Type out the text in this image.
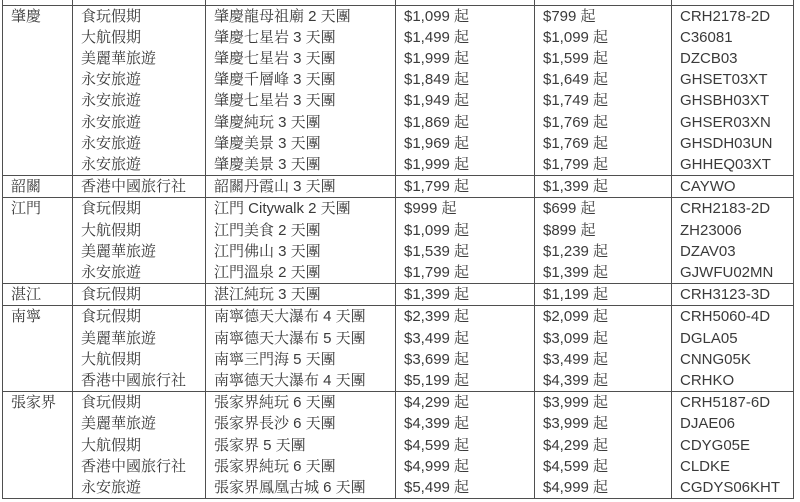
肇慶	食玩假期	肇慶龍母祖廟 2 天團	$1,099 起	$799 起	CRH2178-2D
	大航假期	肇慶七星岩 3 天團	$1,499 起	$1,099 起	C36081
	美麗華旅遊	肇慶七星岩 3 天團	$1,999 起	$1,599 起	DZCB03
	永安旅遊	肇慶千層峰 3 天團	$1,849 起	$1,649 起	GHSET03XT
	永安旅遊	肇慶七星岩 3 天團	$1,949 起	$1,749 起	GHSBH03XT
	永安旅遊	肇慶純玩 3 天團	$1,869 起	$1,769 起	GHSER03XN
	永安旅遊	肇慶美景 3 天團	$1,969 起	$1,769 起	GHSDH03UN
	永安旅遊	肇慶美景 3 天團	$1,999 起	$1,799 起	GHHEQ03XT
韶關	香港中國旅行社	韶關丹霞山 3 天團	$1,799 起	$1,399 起	CAYWO
江門	食玩假期	江門 Citywalk 2 天團	$999 起	$699 起	CRH2183-2D
	大航假期	江門美食 2 天團	$1,099 起	$899 起	ZH23006
	美麗華旅遊	江門佛山 3 天團	$1,539 起	$1,239 起	DZAV03
	永安旅遊	江門溫泉 2 天團	$1,799 起	$1,399 起	GJWFU02MN
湛江	食玩假期	湛江純玩 3 天團	$1,399 起	$1,199 起	CRH3123-3D
南寧	食玩假期	南寧德天大瀑布 4 天團	$2,399 起	$2,099 起	CRH5060-4D
	美麗華旅遊	南寧德天大瀑布 5 天團	$3,499 起	$3,099 起	DGLA05
	大航假期	南寧三門海 5 天團	$3,699 起	$3,499 起	CNNG05K
	香港中國旅行社	南寧德天大瀑布 4 天團	$5,199 起	$4,399 起	CRHKO
張家界	食玩假期	張家界純玩 6 天團	$4,299 起	$3,999 起	CRH5187-6D
	美麗華旅遊	張家界長沙 6 天團	$4,399 起	$3,999 起	DJAE06
	大航假期	張家界 5 天團	$4,599 起	$4,299 起	CDYG05E
	香港中國旅行社	張家界純玩 6 天團	$4,999 起	$4,599 起	CLDKE
	永安旅遊	張家界鳳凰古城 6 天團	$5,499 起	$4,999 起	CGDYS06KHT
